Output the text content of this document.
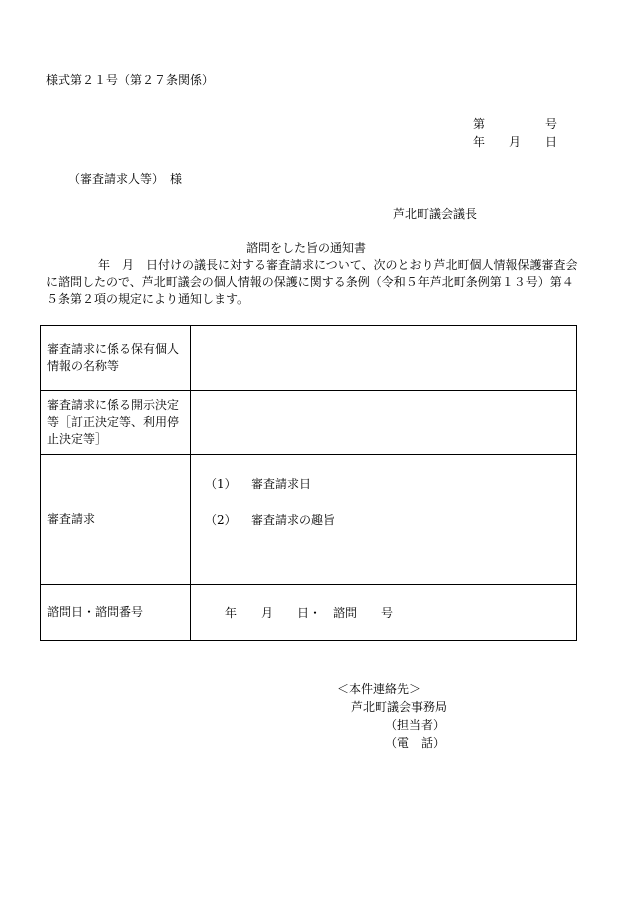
様式第２１号（第２７条関係）
第　　　　　号
年　　月　　日
（審査請求人等）　様
芦北町議会議長
諮問をした旨の通知書
年　月　日付けの議長に対する審査請求について、次のとおり芦北町個人情報保護審査会に諮問したので、芦北町議会の個人情報の保護に関する条例（令和５年芦北町条例第１３号）第４５条第２項の規定により通知します。
審査請求に係る保有個人情報の名称等	
審査請求に係る開示決定等［訂正決定等、利用停止決定等］	
審査請求	（1） 審査請求日
（2） 審査請求の趣旨

諮問日・諮問番号	年　　月　　日・　諮問　　号
＜本件連絡先＞
芦北町議会事務局
（担当者）
（電　話）
